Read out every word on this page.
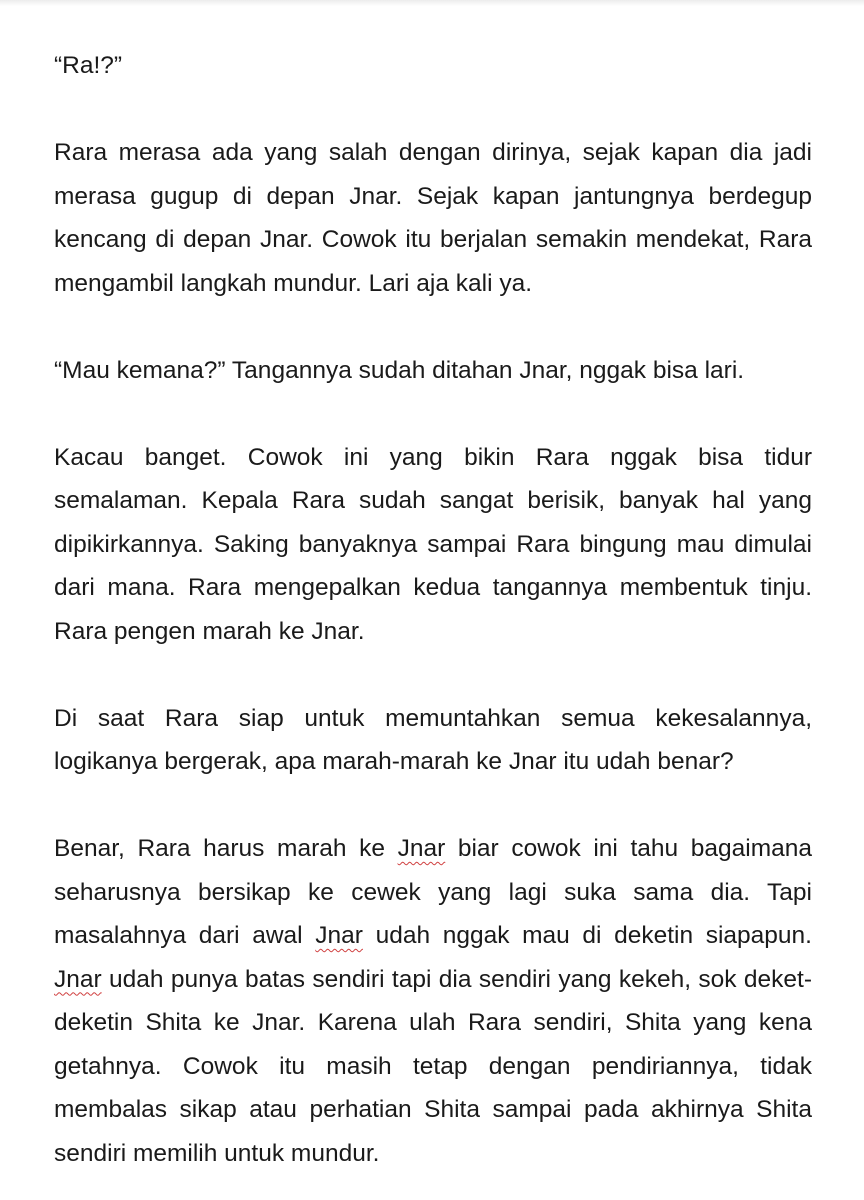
“Ra!?”

Rara merasa ada yang salah dengan dirinya, sejak kapan dia jadi merasa gugup di depan Jnar. Sejak kapan jantungnya berdegup kencang di depan Jnar. Cowok itu berjalan semakin mendekat, Rara mengambil langkah mundur. Lari aja kali ya.

“Mau kemana?” Tangannya sudah ditahan Jnar, nggak bisa lari.

Kacau banget. Cowok ini yang bikin Rara nggak bisa tidur semalaman. Kepala Rara sudah sangat berisik, banyak hal yang dipikirkannya. Saking banyaknya sampai Rara bingung mau dimulai dari mana. Rara mengepalkan kedua tangannya membentuk tinju. Rara pengen marah ke Jnar.

Di saat Rara siap untuk memuntahkan semua kekesalannya, logikanya bergerak, apa marah-marah ke Jnar itu udah benar?

Benar, Rara harus marah ke Jnar biar cowok ini tahu bagaimana seharusnya bersikap ke cewek yang lagi suka sama dia. Tapi masalahnya dari awal Jnar udah nggak mau di deketin siapapun. Jnar udah punya batas sendiri tapi dia sendiri yang kekeh, sok deket-deketin Shita ke Jnar. Karena ulah Rara sendiri, Shita yang kena getahnya. Cowok itu masih tetap dengan pendiriannya, tidak membalas sikap atau perhatian Shita sampai pada akhirnya Shita sendiri memilih untuk mundur.
